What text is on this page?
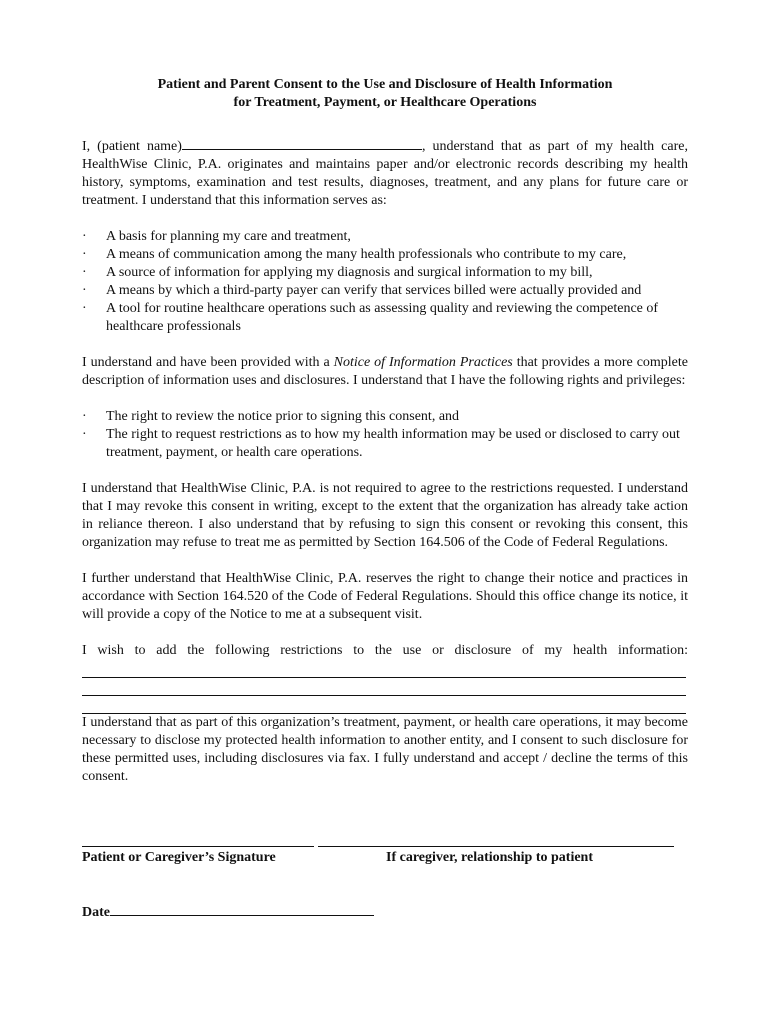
Patient and Parent Consent to the Use and Disclosure of Health Information
for Treatment, Payment, or Healthcare Operations

I, (patient name)	, understand that as part of my health care, HealthWise Clinic, P.A. originates and maintains paper and/or electronic records describing my health history, symptoms, examination and test results, diagnoses, treatment, and any plans for future care or treatment. I understand that this information serves as:

·	A basis for planning my care and treatment,
·	A means of communication among the many health professionals who contribute to my care,
·	A source of information for applying my diagnosis and surgical information to my bill,
·	A means by which a third-party payer can verify that services billed were actually provided and
·	A tool for routine healthcare operations such as assessing quality and reviewing the competence of healthcare professionals

I understand and have been provided with a Notice of Information Practices that provides a more complete description of information uses and disclosures. I understand that I have the following rights and privileges:

·	The right to review the notice prior to signing this consent, and
·	The right to request restrictions as to how my health information may be used or disclosed to carry out treatment, payment, or health care operations.

I understand that HealthWise Clinic, P.A. is not required to agree to the restrictions requested. I understand that I may revoke this consent in writing, except to the extent that the organization has already take action in reliance thereon. I also understand that by refusing to sign this consent or revoking this consent, this organization may refuse to treat me as permitted by Section 164.506 of the Code of Federal Regulations.

I further understand that HealthWise Clinic, P.A. reserves the right to change their notice and practices in accordance with Section 164.520 of the Code of Federal Regulations. Should this office change its notice, it will provide a copy of the Notice to me at a subsequent visit.

I wish to add the following restrictions to the use or disclosure of my health information:

I understand that as part of this organization’s treatment, payment, or health care operations, it may become necessary to disclose my protected health information to another entity, and I consent to such disclosure for these permitted uses, including disclosures via fax. I fully understand and accept / decline the terms of this consent.

Patient or Caregiver’s Signature	If caregiver, relationship to patient
Date
